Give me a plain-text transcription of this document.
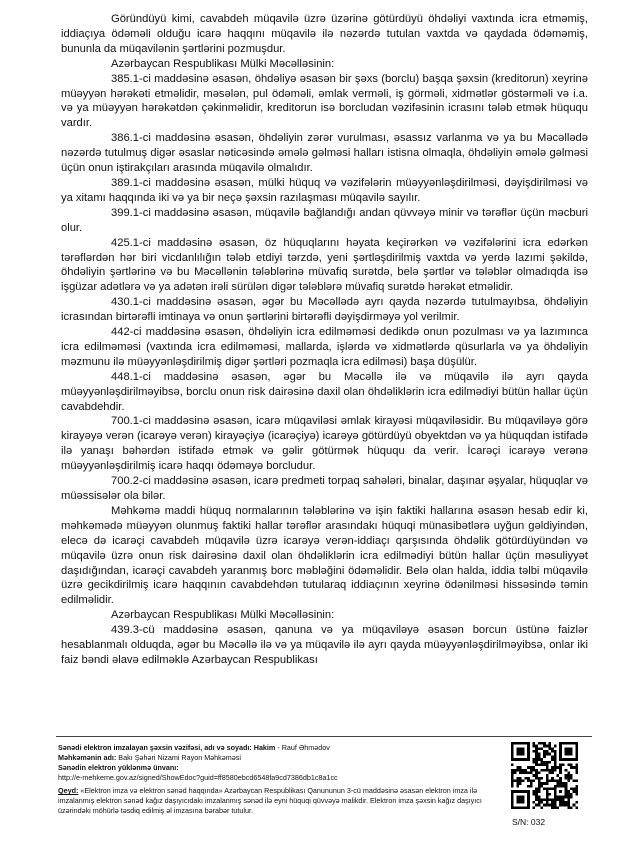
Göründüyü kimi, cavabdeh müqavilə üzrə üzərinə götürdüyü öhdəliyi vaxtında icra etməmiş, iddiaçıya ödəməli olduğu icarə haqqını müqavilə ilə nəzərdə tutulan vaxtda və qaydada ödəməmiş, bununla da müqavilənin şərtlərini pozmuşdur.

Azərbaycan Respublikası Mülki Məcəlləsinin:

385.1-ci maddəsinə əsasən, öhdəliyə əsasən bir şəxs (borclu) başqa şəxsin (kreditorun) xeyrinə müəyyən hərəkəti etməlidir, məsələn, pul ödəməli, əmlak verməli, iş görməli, xidmətlər göstərməli və i.a. və ya müəyyən hərəkətdən çəkinməlidir, kreditorun isə borcludan vəzifəsinin icrasını tələb etmək hüququ vardır.

386.1-ci maddəsinə əsasən, öhdəliyin zərər vurulması, əsassız varlanma və ya bu Məcəllədə nəzərdə tutulmuş digər əsaslar nəticəsində əmələ gəlməsi halları istisna olmaqla, öhdəliyin əmələ gəlməsi üçün onun iştirakçıları arasında müqavilə olmalıdır.

389.1-ci maddəsinə əsasən, mülki hüquq və vəzifələrin müəyyənləşdirilməsi, dəyişdirilməsi və ya xitamı haqqında iki və ya bir neçə şəxsin razılaşması müqavilə sayılır.

399.1-ci maddəsinə əsasən, müqavilə bağlandığı andan qüvvəyə minir və tərəflər üçün məcburi olur.

425.1-ci maddəsinə əsasən, öz hüquqlarını həyata keçirərkən və vəzifələrini icra edərkən tərəflərdən hər biri vicdanlılığın tələb etdiyi tərzdə, yeni şərtləşdirilmiş vaxtda və yerdə lazımi şəkildə, öhdəliyin şərtlərinə və bu Məcəllənin tələblərinə müvafiq surətdə, belə şərtlər və tələblər olmadıqda isə işgüzar adətlərə və ya adətən irəli sürülən digər tələblərə müvafiq surətdə hərəkət etməlidir.

430.1-ci maddəsinə əsasən, əgər bu Məcəllədə ayrı qayda nəzərdə tutulmayıbsa, öhdəliyin icrasından birtərəfli imtinaya və onun şərtlərini birtərəfli dəyişdirməyə yol verilmir.

442-ci maddəsinə əsasən, öhdəliyin icra edilməməsi dedikdə onun pozulması və ya lazımınca icra edilməməsi (vaxtında icra edilməməsi, mallarda, işlərdə və xidmətlərdə qüsurlarla və ya öhdəliyin məzmunu ilə müəyyənləşdirilmiş digər şərtləri pozmaqla icra edilməsi) başa düşülür.

448.1-ci maddəsinə əsasən, əgər bu Məcəllə ilə və müqavilə ilə ayrı qayda müəyyənləşdirilməyibsə, borclu onun risk dairəsinə daxil olan öhdəliklərin icra edilmədiyi bütün hallar üçün cavabdehdir.

700.1-ci maddəsinə əsasən, icarə müqaviləsi əmlak kirayəsi müqaviləsidir. Bu müqaviləyə görə kirayəyə verən (icarəyə verən) kirayəçiyə (icarəçiyə) icarəyə götürdüyü obyektdən və ya hüquqdan istifadə ilə yanaşı bəhərdən istifadə etmək və gəlir götürmək hüququ da verir. İcarəçi icarəyə verənə müəyyənləşdirilmiş icarə haqqı ödəməyə borcludur.

700.2-ci maddəsinə əsasən, icarə predmeti torpaq sahələri, binalar, daşınar əşyalar, hüquqlar və müəssisələr ola bilər.

Məhkəmə maddi hüquq normalarının tələblərinə və işin faktiki hallarına əsasən hesab edir ki, məhkəmədə müəyyən olunmuş faktiki hallar tərəflər arasındakı hüquqi münasibətlərə uyğun gəldiyindən, elecə də icarəçi cavabdeh müqavilə üzrə icarəyə verən-iddiaçı qarşısında öhdəlik götürdüyündən və müqavilə üzrə onun risk dairəsinə daxil olan öhdəliklərin icra edilmədiyi bütün hallar üçün məsuliyyət daşıdığından, icarəçi cavabdeh yaranmış borc məbləğini ödəməlidir. Belə olan halda, iddia təlbi müqavilə üzrə gecikdirilmiş icarə haqqının cavabdehdən tutularaq iddiaçının xeyrinə ödənilməsi hissəsində təmin edilməlidir.

Azərbaycan Respublikası Mülki Məcəlləsinin:

439.3-cü maddəsinə əsasən, qanuna və ya müqaviləyə əsasən borcun üstünə faizlər hesablanmalı olduqda, əgər bu Məcəllə ilə və ya müqavilə ilə ayrı qayda müəyyənləşdirilməyibsə, onlar iki faiz bəndi əlavə edilməklə Azərbaycan Respublikası

Sənədi elektron imzalayan şəxsin vəzifəsi, adı və soyadı: Hakim - Rauf Əhmədov
Məhkəmənin adı: Bakı Şəhəri Nizami Rayon Məhkəməsi
Sənədin elektron yüklənmə ünvanı:
http://e-mehkeme.gov.az/signed/ShowEdoc?guid=ff8580ebcd6548fa9cd7386db1c8a1cc
Qeyd: «Elektron imza və elektron sənəd haqqında» Azərbaycan Respublikası Qanununun 3-cü maddəsinə əsasən elektron imza ilə imzalanmış elektron sənəd kağız daşıyıcıdakı imzalanmış sənəd ilə eyni hüquqi qüvvəyə malikdir. Elektron imza şəxsin kağız daşıyıcı üzərindəki möhürlə təsdiq edilmiş əl imzasına bərabər tutulur.
S/N: 032
